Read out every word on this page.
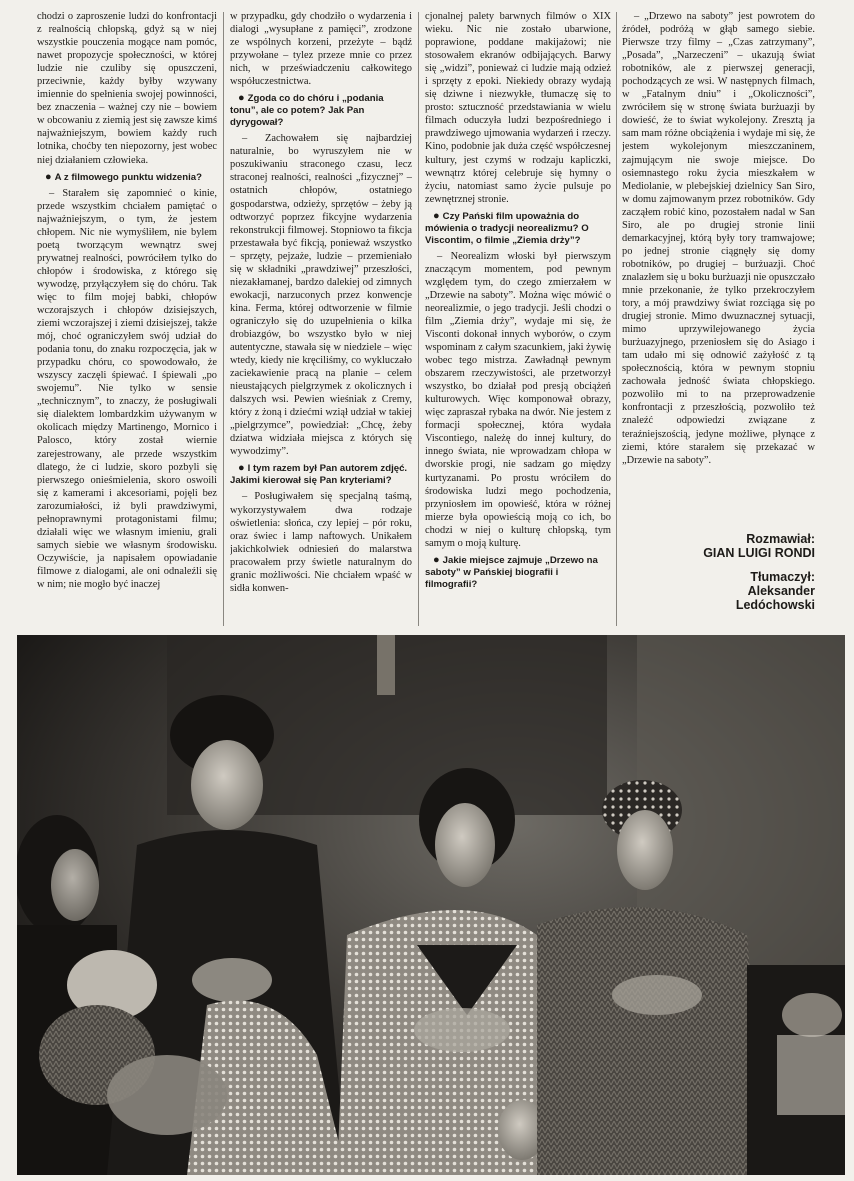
chodzi o zaproszenie ludzi do konfrontacji z realnością chłopską, gdyż są w niej wszystkie pouczenia mogące nam pomóc, nawet propozycje społeczności, w której ludzie nie czuliby się opuszczeni, przeciwnie, każdy byłby wzywany imiennie do spełnienia swojej powinności, bez znaczenia – ważnej czy nie – bowiem w obcowaniu z ziemią jest się zawsze kimś najważniejszym, bowiem każdy ruch lotnika, choćby ten niepozorny, jest wobec niej działaniem człowieka.

● A z filmowego punktu widzenia?

– Starałem się zapomnieć o kinie, przede wszystkim chciałem pamiętać o najważniejszym, o tym, że jestem chłopem. Nic nie wymyśliłem, nie bylem poetą tworzącym wewnątrz swej prywatnej realności, powróciłem tylko do chłopów i środowiska, z którego się wywodzę, przyłączyłem się do chóru. Tak więc to film mojej babki, chłopów wczorajszych i chłopów dzisiejszych, ziemi wczorajszej i ziemi dzisiejszej, także mój, choć ograniczyłem swój udział do podania tonu, do znaku rozpoczęcia, jak w przypadku chóru, co spowodowało, że wszyscy zaczęli śpiewać. I śpiewali „po swojemu”. Nie tylko w sensie „technicznym”, to znaczy, że posługiwali się dialektem lombardzkim używanym w okolicach między Martinengo, Mornico i Palosco, który został wiernie zarejestrowany, ale przede wszystkim dlatego, że ci ludzie, skoro pozbyli się pierwszego onieśmielenia, skoro oswoili się z kamerami i akcesoriami, pojęli bez zarozumiałości, iż byli prawdziwymi, pełnoprawnymi protagonistami filmu; działali więc we własnym imieniu, grali samych siebie we własnym środowisku. Oczywiście, ja napisałem opowiadanie filmowe z dialogami, ale oni odnaleźli się w nim; nie mogło być inaczej

w przypadku, gdy chodziło o wydarzenia i dialogi „wysupłane z pamięci”, zrodzone ze wspólnych korzeni, przeżyte – bądź przywołane – tylez przeze mnie co przez nich, w przeświadczeniu całkowitego współuczestnictwa.

● Zgoda co do chóru i „podania tonu”, ale co potem? Jak Pan dyrygował?

– Zachowałem się najbardziej naturalnie, bo wyruszyłem nie w poszukiwaniu straconego czasu, lecz straconej realności, realności „fizycznej” – ostatnich chłopów, ostatniego gospodarstwa, odzieży, sprzętów – żeby ją odtworzyć poprzez fikcyjne wydarzenia rekonstrukcji filmowej. Stopniowo ta fikcja przestawała być fikcją, ponieważ wszystko – sprzęty, pejzaże, ludzie – przemieniało się w składniki „prawdziwej” przeszłości, niezakłamanej, bardzo dalekiej od zimnych ewokacji, narzuconych przez konwencje kina. Ferma, której odtworzenie w filmie ograniczyło się do uzupełnienia o kilka drobiazgów, bo wszystko było w niej autentyczne, stawała się w niedziele – więc wtedy, kiedy nie kręciliśmy, co wykluczało zaciekawienie pracą na planie – celem nieustających pielgrzymek z okolicznych i dalszych wsi. Pewien wieśniak z Cremy, który z żoną i dziećmi wziął udział w takiej „pielgrzymce”, powiedział: „Chcę, żeby dziatwa widziała miejsca z których się wywodzimy”.

● I tym razem był Pan autorem zdjęć. Jakimi kierował się Pan kryteriami?

– Posługiwałem się specjalną taśmą, wykorzystywałem dwa rodzaje oświetlenia: słońca, czy lepiej – pór roku, oraz świec i lamp naftowych. Unikałem jakichkolwiek odniesień do malarstwa pracowałem przy świetle naturalnym do granic możliwości. Nie chciałem wpaść w sidła konwen-

cjonalnej palety barwnych filmów o XIX wieku. Nic nie zostało ubarwione, poprawione, poddane makijażowi; nie stosowałem ekranów odbijających. Barwy się „widzi”, ponieważ ci ludzie mają odzież i sprzęty z epoki. Niekiedy obrazy wydają się dziwne i niezwykłe, tłumaczę się to prosto: sztuczność przedstawiania w wielu filmach oduczyła ludzi bezpośredniego i prawdziwego ujmowania wydarzeń i rzeczy. Kino, podobnie jak duża część współczesnej kultury, jest czymś w rodzaju kapliczki, wewnątrz której celebruje się hymny o życiu, natomiast samo życie pulsuje po zewnętrznej stronie.

● Czy Pański film upoważnia do mówienia o tradycji neorealizmu? O Viscontim, o filmie „Ziemia drży”?

– Neorealizm włoski był pierwszym znaczącym momentem, pod pewnym względem tym, do czego zmierzałem w „Drzewie na saboty”. Można więc mówić o neorealizmie, o jego tradycji. Jeśli chodzi o film „Ziemia drży”, wydaje mi się, że Visconti dokonał innych wyborów, o czym wspominam z całym szacunkiem, jaki żywię wobec tego mistrza. Zawładnął pewnym obszarem rzeczywistości, ale przetworzył wszystko, bo działał pod presją obciążeń kulturowych. Więc komponował obrazy, więc zapraszał rybaka na dwór. Nie jestem z formacji społecznej, która wydała Viscontiego, należę do innej kultury, do innego świata, nie wprowadzam chłopa w dworskie progi, nie sadzam go między kurtyzanami. Po prostu wróciłem do środowiska ludzi mego pochodzenia, przyniosłem im opowieść, która w różnej mierze była opowieścią moją co ich, bo chodzi w niej o kulturę chłopską, tym samym o moją kulturę.

● Jakie miejsce zajmuje „Drzewo na saboty” w Pańskiej biografii i filmografii?

– „Drzewo na saboty” jest powrotem do źródeł, podróżą w głąb samego siebie. Pierwsze trzy filmy – „Czas zatrzymany”, „Posada”, „Narzeczeni” – ukazują świat robotników, ale z pierwszej generacji, pochodzących ze wsi. W następnych filmach, w „Fatalnym dniu” i „Okoliczności”, zwróciłem się w stronę świata burżuazji by dowieść, że to świat wykolejony. Zresztą ja sam mam różne obciążenia i wydaje mi się, że jestem wykolejonym mieszczaninem, zajmującym nie swoje miejsce. Do osiemnastego roku życia mieszkałem w Mediolanie, w plebejskiej dzielnicy San Siro, w domu zajmowanym przez robotników. Gdy zacząłem robić kino, pozostałem nadal w San Siro, ale po drugiej stronie linii demarkacyjnej, którą były tory tramwajowe; po jednej stronie ciągnęły się domy robotników, po drugiej – burżuazji. Choć znalazłem się u boku burżuazji nie opuszczało mnie przekonanie, że tylko przekroczyłem tory, a mój prawdziwy świat rozciąga się po drugiej stronie. Mimo dwuznacznej sytuacji, mimo uprzywilejowanego życia burżuazyjnego, przeniosłem się do Asiago i tam udało mi się odnowić zażyłość z tą społecznością, która w pewnym stopniu zachowała jedność świata chłopskiego. pozwoliło mi to na przeprowadzenie konfrontacji z przeszłością, pozwoliło też znaleźć odpowiedzi związane z teraźniejszością, jedyne możliwe, płynące z ziemi, które starałem się przekazać w „Drzewie na saboty”.

Rozmawiał:
GIAN LUIGI RONDI
Tłumaczył:
Aleksander
Ledóchowski
